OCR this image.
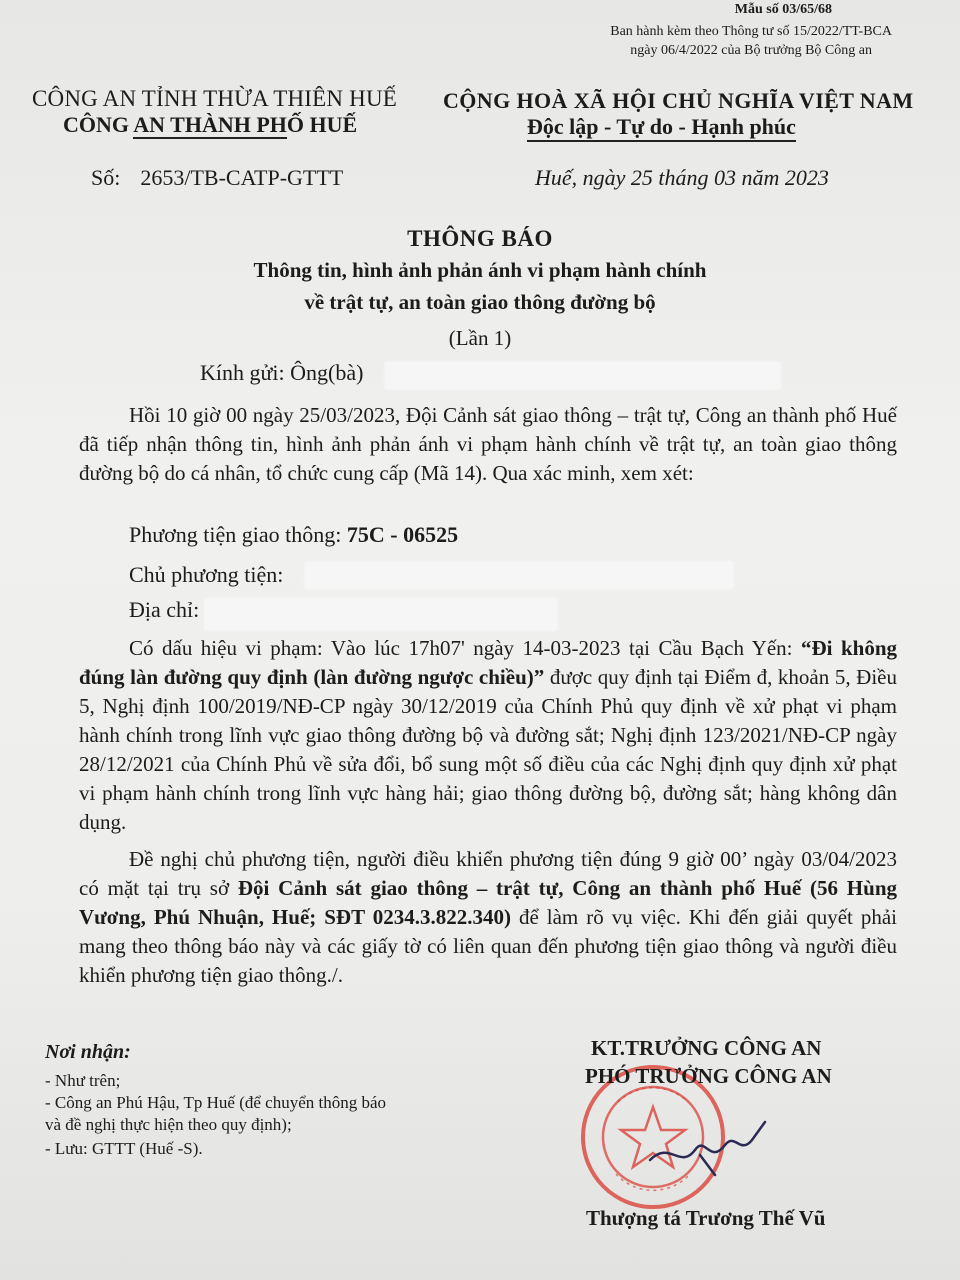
Mẫu số 03/65/68
Ban hành kèm theo Thông tư số 15/2022/TT-BCA
ngày 06/4/2022 của Bộ trưởng Bộ Công an
CÔNG AN TỈNH THỪA THIÊN HUẾ
CÔNG AN THÀNH PHỐ HUẾ
CỘNG HOÀ XÃ HỘI CHỦ NGHĨA VIỆT NAM
Độc lập - Tự do - Hạnh phúc
Số: 2653/TB-CATP-GTTT	Huế, ngày 25 tháng 03 năm 2023
THÔNG BÁO
Thông tin, hình ảnh phản ánh vi phạm hành chính
về trật tự, an toàn giao thông đường bộ
(Lần 1)
Kính gửi: Ông(bà)
Hồi 10 giờ 00 ngày 25/03/2023, Đội Cảnh sát giao thông – trật tự, Công an thành phố Huế đã tiếp nhận thông tin, hình ảnh phản ánh vi phạm hành chính về trật tự, an toàn giao thông đường bộ do cá nhân, tổ chức cung cấp (Mã 14). Qua xác minh, xem xét:
Phương tiện giao thông: 75C - 06525
Chủ phương tiện:
Địa chỉ:
Có dấu hiệu vi phạm: Vào lúc 17h07' ngày 14-03-2023 tại Cầu Bạch Yến: “Đi không đúng làn đường quy định (làn đường ngược chiều)” được quy định tại Điểm đ, khoản 5, Điều 5, Nghị định 100/2019/NĐ-CP ngày 30/12/2019 của Chính Phủ quy định về xử phạt vi phạm hành chính trong lĩnh vực giao thông đường bộ và đường sắt; Nghị định 123/2021/NĐ-CP ngày 28/12/2021 của Chính Phủ về sửa đổi, bổ sung một số điều của các Nghị định quy định xử phạt vi phạm hành chính trong lĩnh vực hàng hải; giao thông đường bộ, đường sắt; hàng không dân dụng.
Đề nghị chủ phương tiện, người điều khiển phương tiện đúng 9 giờ 00’ ngày 03/04/2023 có mặt tại trụ sở Đội Cảnh sát giao thông – trật tự, Công an thành phố Huế (56 Hùng Vương, Phú Nhuận, Huế; SĐT 0234.3.822.340) để làm rõ vụ việc. Khi đến giải quyết phải mang theo thông báo này và các giấy tờ có liên quan đến phương tiện giao thông và người điều khiển phương tiện giao thông./.
Nơi nhận:
- Như trên;
- Công an Phú Hậu, Tp Huế (để chuyển thông báo
và đề nghị thực hiện theo quy định);
- Lưu: GTTT (Huế -S).
KT.TRƯỞNG CÔNG AN
PHÓ TRƯỞNG CÔNG AN
Thượng tá Trương Thế Vũ
